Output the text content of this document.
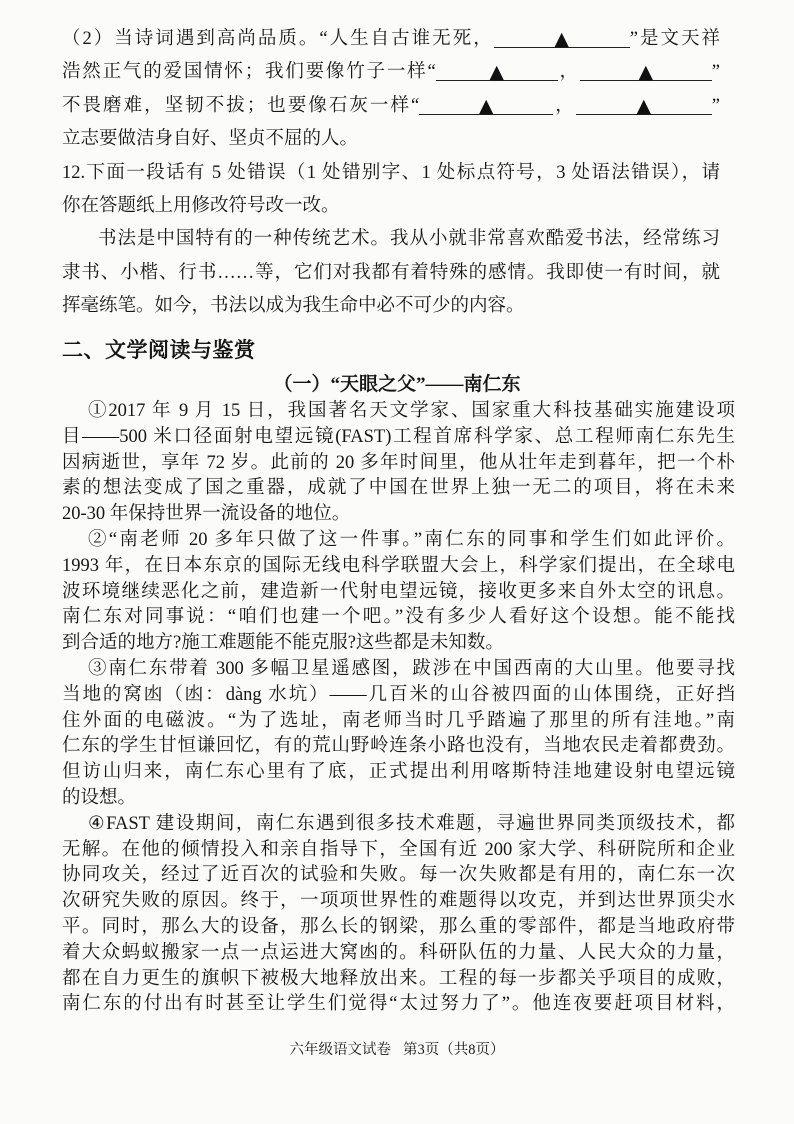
（2）当诗词遇到高尚品质。“人生自古谁无死，	▲	”是文天祥
浩然正气的爱国情怀；我们要像竹子一样“	▲	，	▲	”
不畏磨难，坚韧不拔；也要像石灰一样“	▲	，	▲	”
立志要做洁身自好、坚贞不屈的人。
12.下面一段话有 5 处错误（1 处错别字、1 处标点符号，3 处语法错误），请
你在答题纸上用修改符号改一改。
书法是中国特有的一种传统艺术。我从小就非常喜欢酷爱书法，经常练习
隶书、小楷、行书……等，它们对我都有着特殊的感情。我即使一有时间，就
挥毫练笔。如今，书法以成为我生命中必不可少的内容。
二、文学阅读与鉴赏
（一）“天眼之父”——南仁东
①2017 年 9 月 15 日，我国著名天文学家、国家重大科技基础实施建设项
目——500 米口径面射电望远镜(FAST)工程首席科学家、总工程师南仁东先生
因病逝世，享年 72 岁。此前的 20 多年时间里，他从壮年走到暮年，把一个朴
素的想法变成了国之重器，成就了中国在世界上独一无二的项目，将在未来
20-30 年保持世界一流设备的地位。
②“南老师 20 多年只做了这一件事。”南仁东的同事和学生们如此评价。
1993 年，在日本东京的国际无线电科学联盟大会上，科学家们提出，在全球电
波环境继续恶化之前，建造新一代射电望远镜，接收更多来自外太空的讯息。
南仁东对同事说：“咱们也建一个吧。”没有多少人看好这个设想。能不能找
到合适的地方?施工难题能不能克服?这些都是未知数。
③南仁东带着 300 多幅卫星遥感图，跋涉在中国西南的大山里。他要寻找
当地的窝凼（凼：dàng 水坑）——几百米的山谷被四面的山体围绕，正好挡
住外面的电磁波。“为了选址，南老师当时几乎踏遍了那里的所有洼地。”南
仁东的学生甘恒谦回忆，有的荒山野岭连条小路也没有，当地农民走着都费劲。
但访山归来，南仁东心里有了底，正式提出利用喀斯特洼地建设射电望远镜
的设想。
④FAST 建设期间，南仁东遇到很多技术难题，寻遍世界同类顶级技术，都
无解。在他的倾情投入和亲自指导下，全国有近 200 家大学、科研院所和企业
协同攻关，经过了近百次的试验和失败。每一次失败都是有用的，南仁东一次
次研究失败的原因。终于，一项项世界性的难题得以攻克，并到达世界顶尖水
平。同时，那么大的设备，那么长的钢梁，那么重的零部件，都是当地政府带
着大众蚂蚁搬家一点一点运进大窝凼的。科研队伍的力量、人民大众的力量，
都在自力更生的旗帜下被极大地释放出来。工程的每一步都关乎项目的成败，
南仁东的付出有时甚至让学生们觉得“太过努力了”。他连夜要赶项目材料，
六年级语文试卷 第3页（共8页）
